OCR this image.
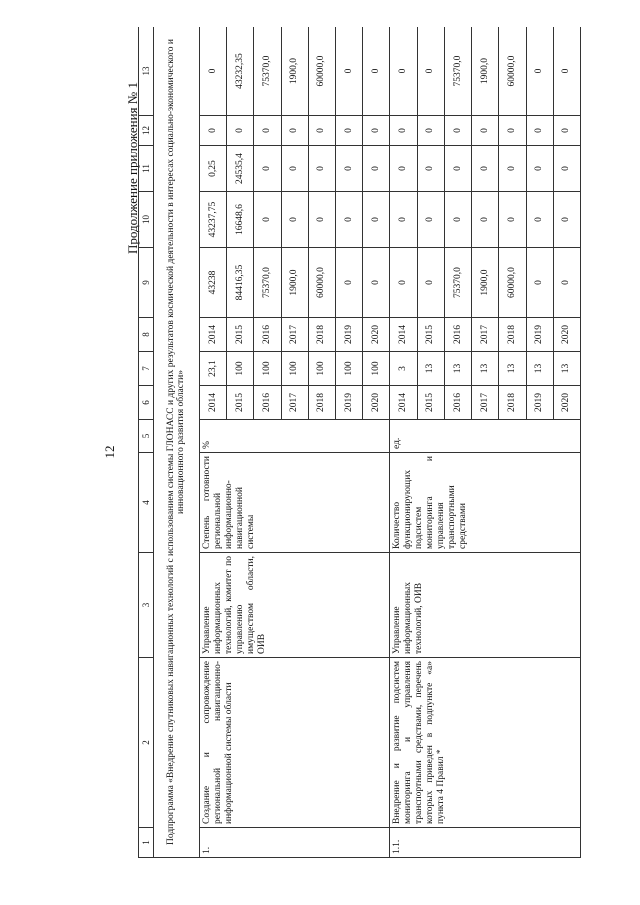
12
Продолжение приложения № 1
1	2	3	4	5	6	7	8	9	10	11	12	13
Подпрограмма «Внедрение спутниковых навигационных технологий с использованием системы ГЛОНАСС и других результатов космической деятельности в интересах социально-экономического и инновационного развития области»												
1.	Создание и сопровождение региональной навигационно-информационной системы области	Управление информационных технологий, комитет по управлению имуществом области, ОИВ	Степень готовности региональной информационно-навигационной системы	%	2014	23,1	2014	43238	43237,75	0,25	0	0
					2015	100	2015	84416,35	16648,6	24535,4	0	43232,35
					2016	100	2016	75370,0	0	0	0	75370,0
					2017	100	2017	1900,0	0	0	0	1900,0
					2018	100	2018	60000,0	0	0	0	60000,0
					2019	100	2019	0	0	0	0	0
					2020	100	2020	0	0	0	0	0
1.1.	Внедрение и развитие подсистем мониторинга и управления транспортными средствами, перечень которых приведен в подпункте «а» пункта 4 Правил *	Управление информационных технологий, ОИВ	Количество функционирующих подсистем мониторинга и управления транспортными средствами	ед.	2014	3	2014	0	0	0	0	0
					2015	13	2015	0	0	0	0	0
					2016	13	2016	75370,0	0	0	0	75370,0
					2017	13	2017	1900,0	0	0	0	1900,0
					2018	13	2018	60000,0	0	0	0	60000,0
					2019	13	2019	0	0	0	0	0
					2020	13	2020	0	0	0	0	0
